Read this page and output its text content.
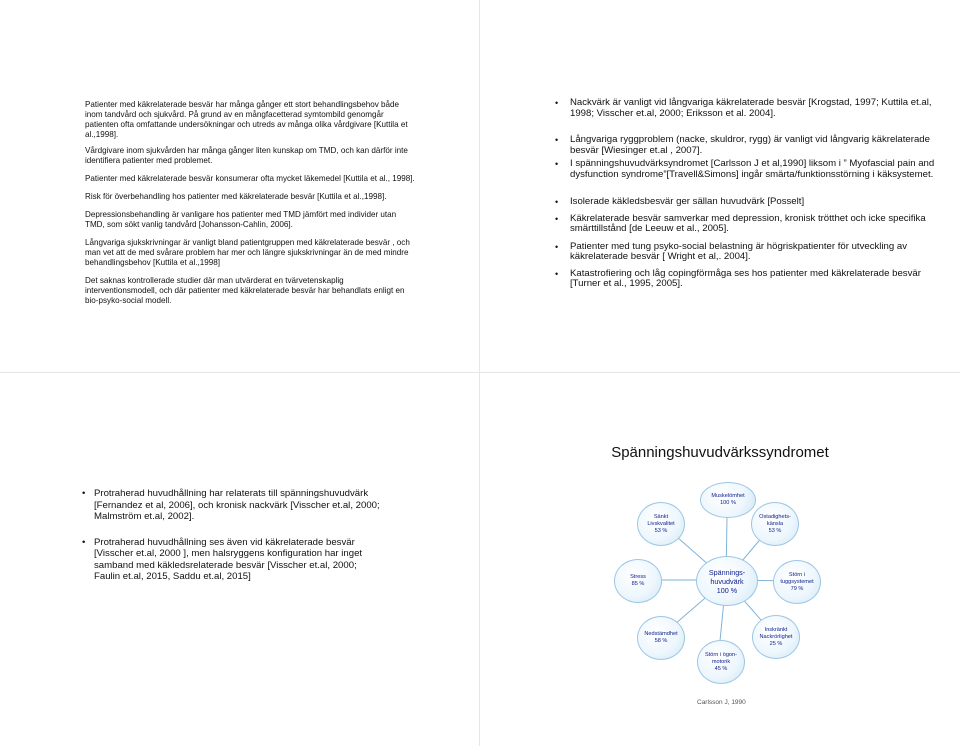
Patienter med käkrelaterade besvär har många gånger ett stort behandlingsbehov både inom tandvård och sjukvård. På grund av en mångfacetterad symtombild genomgår patienten ofta omfattande undersökningar och utreds av många olika vårdgivare [Kuttila et al.,1998].

Vårdgivare inom sjukvården har många gånger liten kunskap om TMD, och kan därför inte identifiera patienter med problemet.

Patienter med käkrelaterade besvär konsumerar ofta mycket läkemedel [Kuttila et al., 1998].

Risk för överbehandling hos patienter med käkrelaterade besvär [Kuttila et al.,1998].

Depressionsbehandling är vanligare hos patienter med TMD jämfört med individer utan TMD, som sökt vanlig tandvård [Johansson-Cahlin, 2006].

Långvariga sjukskrivningar är vanligt bland patientgruppen med käkrelaterade besvär , och man vet att de med svårare problem har mer och längre sjukskrivningar än de med mindre behandlingsbehov [Kuttila et al.,1998]

Det saknas kontrollerade studier där man utvärderat en tvärvetenskaplig interventionsmodell, och där patienter med käkrelaterade besvär har behandlats enligt en bio-psyko-social modell.

• Nackvärk är vanligt vid långvariga käkrelaterade besvär [Krogstad, 1997; Kuttila et.al, 1998; Visscher et.al, 2000; Eriksson et al. 2004].
• Långvariga ryggproblem (nacke, skuldror, rygg) är vanligt vid långvarig käkrelaterade besvär [Wiesinger et.al , 2007].
• I spänningshuvudvärksyndromet [Carlsson J et al,1990] liksom i ” Myofascial pain and dysfunction syndrome”[Travell&Simons] ingår smärta/funktionsstörning i käksystemet.
• Isolerade käkledsbesvär ger sällan huvudvärk [Posselt]
• Käkrelaterade besvär samverkar med depression, kronisk trötthet och icke specifika smärttillstånd [de Leeuw et al., 2005].
• Patienter med tung psyko-social belastning är högriskpatienter för utveckling av käkrelaterade besvär [ Wright et al,. 2004].
• Katastrofiering och låg copingförmåga ses hos patienter med käkrelaterade besvär [Turner et al., 1995, 2005].
• Protraherad huvudhållning har relaterats till spänningshuvudvärk [Fernandez et al, 2006], och kronisk nackvärk [Visscher et.al, 2000; Malmström et.al, 2002].
• Protraherad huvudhållning ses även vid käkrelaterade besvär [Visscher et.al, 2000 ], men halsryggens konfiguration har inget samband med käkledsrelaterade besvär [Visscher et.al, 2000; Faulin et.al, 2015, Saddu et.al, 2015]
Spänningshuvudvärkssyndromet
Muskelömhet
100 %
Ostadighets-
känsla
53 %
Störn i
tuggsystemet
79 %
Inskränkt
Nackrörlighet
25 %
Störn i ögon-
motorik
45 %
Nedstämdhet
58 %
Stress
85 %
Sänkt
Livskvalitet
53 %
Spännings-
huvudvärk
100 %
Carlsson J, 1990
